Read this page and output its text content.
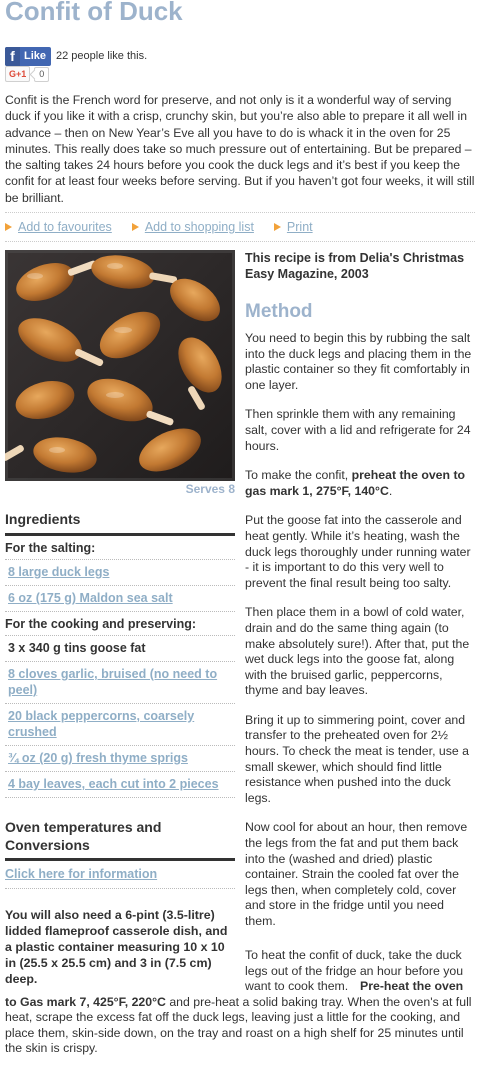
Confit of Duck
f Like 22 people like this.
G+1	0

Confit is the French word for preserve, and not only is it a wonderful way of serving duck if you like it with a crisp, crunchy skin, but you’re also able to prepare it all well in advance – then on New Year’s Eve all you have to do is whack it in the oven for 25 minutes. This really does take so much pressure out of entertaining. But be prepared – the salting takes 24 hours before you cook the duck legs and it’s best if you keep the confit for at least four weeks before serving. But if you haven’t got four weeks, it will still be brilliant.

Add to favourites	Add to shopping list	Print
Serves 8
Ingredients
For the salting:
8 large duck legs
6 oz (175 g) Maldon sea salt
For the cooking and preserving:
3 x 340 g tins goose fat
8 cloves garlic, bruised (no need to peel)
20 black peppercorns, coarsely crushed
¾ oz (20 g) fresh thyme sprigs
4 bay leaves, each cut into 2 pieces
Oven temperatures and Conversions
Click here for information

You will also need a 6-pint (3.5-litre) lidded flameproof casserole dish, and a plastic container measuring 10 x 10 in (25.5 x 25.5 cm) and 3 in (7.5 cm) deep.

This recipe is from Delia's Christmas Easy Magazine, 2003

Method

You need to begin this by rubbing the salt into the duck legs and placing them in the plastic container so they fit comfortably in one layer.

Then sprinkle them with any remaining salt, cover with a lid and refrigerate for 24 hours.

To make the confit, preheat the oven to gas mark 1, 275°F, 140°C.

Put the goose fat into the casserole and heat gently. While it’s heating, wash the duck legs thoroughly under running water - it is important to do this very well to prevent the final result being too salty.

Then place them in a bowl of cold water, drain and do the same thing again (to make absolutely sure!). After that, put the wet duck legs into the goose fat, along with the bruised garlic, peppercorns, thyme and bay leaves.

Bring it up to simmering point, cover and transfer to the preheated oven for 2½ hours. To check the meat is tender, use a small skewer, which should find little resistance when pushed into the duck legs.

Now cool for about an hour, then remove the legs from the fat and put them back into the (washed and dried) plastic container. Strain the cooled fat over the legs then, when completely cold, cover and store in the fridge until you need them.

To heat the confit of duck, take the duck legs out of the fridge an hour before you want to cook them. Pre-heat the oven to Gas mark 7, 425°F, 220°C and pre-heat a solid baking tray. When the oven's at full heat, scrape the excess fat off the duck legs, leaving just a little for the cooking, and place them, skin-side down, on the tray and roast on a high shelf for 25 minutes until the skin is crispy.
